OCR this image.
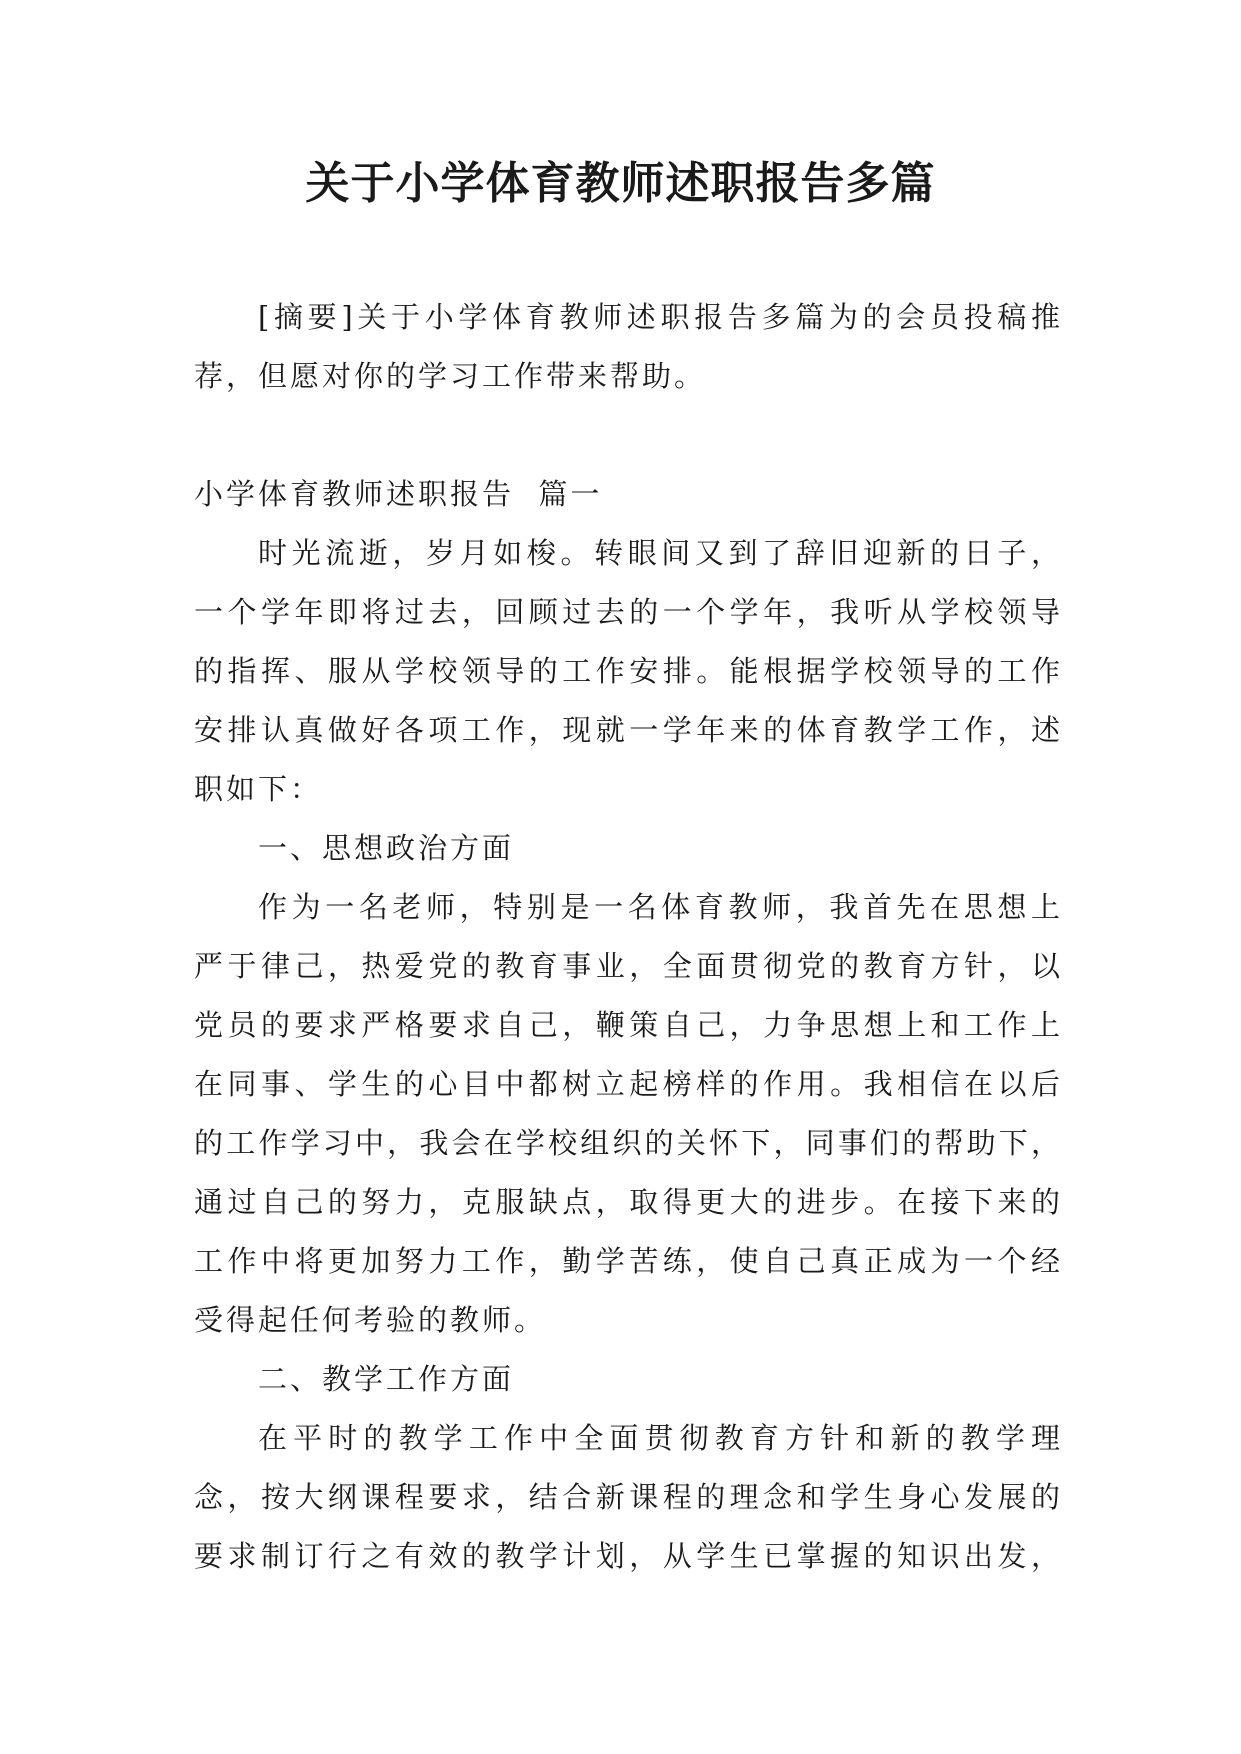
关于小学体育教师述职报告多篇
[摘要]关于小学体育教师述职报告多篇为的会员投稿推
荐，但愿对你的学习工作带来帮助。
小学体育教师述职报告  篇一
时光流逝，岁月如梭。转眼间又到了辞旧迎新的日子，
一个学年即将过去，回顾过去的一个学年，我听从学校领导
的指挥、服从学校领导的工作安排。能根据学校领导的工作
安排认真做好各项工作，现就一学年来的体育教学工作，述
职如下：
一、思想政治方面
作为一名老师，特别是一名体育教师，我首先在思想上
严于律己，热爱党的教育事业，全面贯彻党的教育方针，以
党员的要求严格要求自己，鞭策自己，力争思想上和工作上
在同事、学生的心目中都树立起榜样的作用。我相信在以后
的工作学习中，我会在学校组织的关怀下，同事们的帮助下，
通过自己的努力，克服缺点，取得更大的进步。在接下来的
工作中将更加努力工作，勤学苦练，使自己真正成为一个经
受得起任何考验的教师。
二、教学工作方面
在平时的教学工作中全面贯彻教育方针和新的教学理
念，按大纲课程要求，结合新课程的理念和学生身心发展的
要求制订行之有效的教学计划，从学生已掌握的知识出发，
